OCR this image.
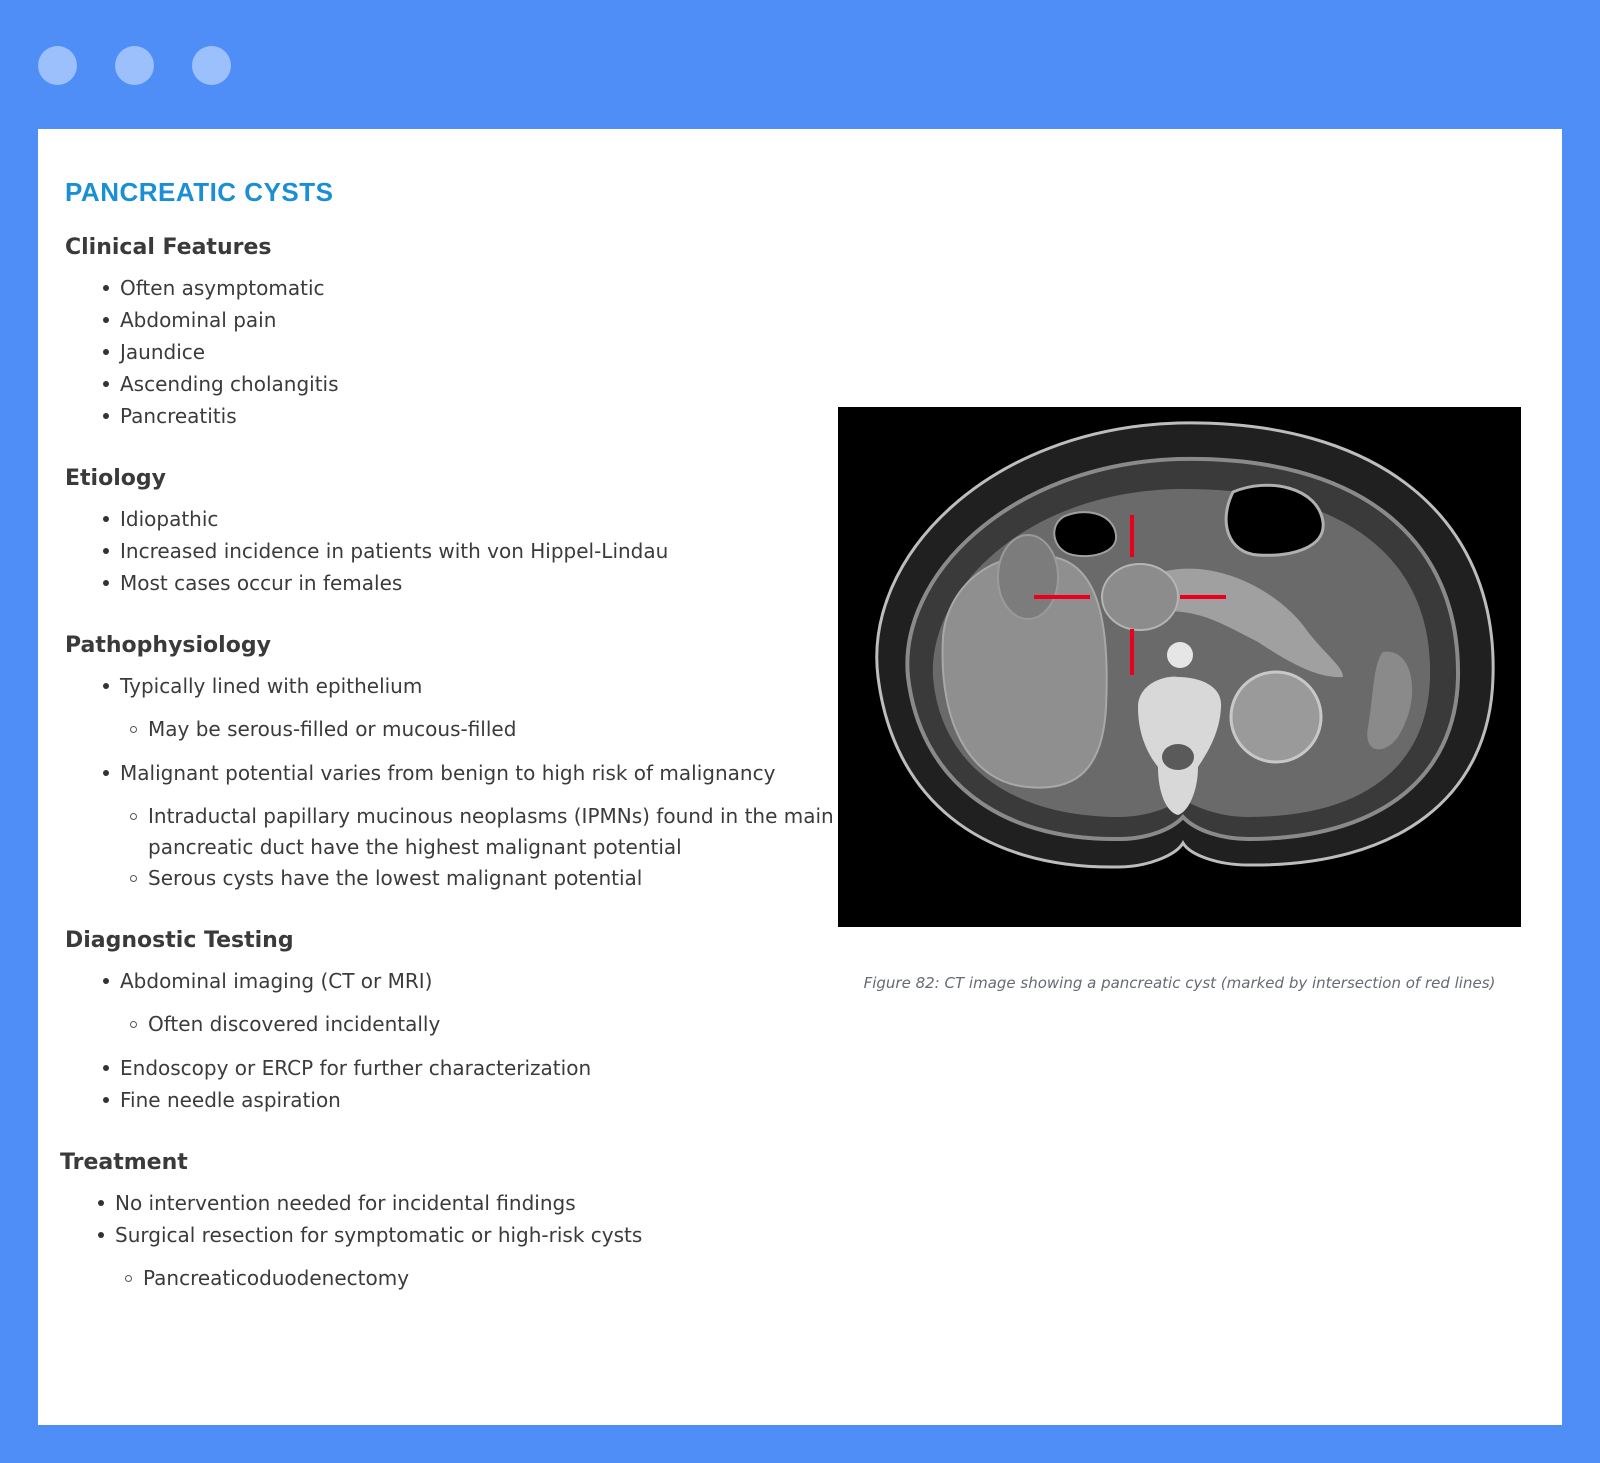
PANCREATIC CYSTS
Clinical Features
Often asymptomatic
Abdominal pain
Jaundice
Ascending cholangitis
Pancreatitis
Etiology
Idiopathic
Increased incidence in patients with von Hippel-Lindau
Most cases occur in females
Pathophysiology
Typically lined with epithelium
May be serous-filled or mucous-filled
Malignant potential varies from benign to high risk of malignancy
Intraductal papillary mucinous neoplasms (IPMNs) found in the main pancreatic duct have the highest malignant potential
Serous cysts have the lowest malignant potential
Diagnostic Testing
Abdominal imaging (CT or MRI)
Often discovered incidentally
Endoscopy or ERCP for further characterization
Fine needle aspiration
Treatment
No intervention needed for incidental findings
Surgical resection for symptomatic or high-risk cysts
Pancreaticoduodenectomy
Figure 82: CT image showing a pancreatic cyst (marked by intersection of red lines)
